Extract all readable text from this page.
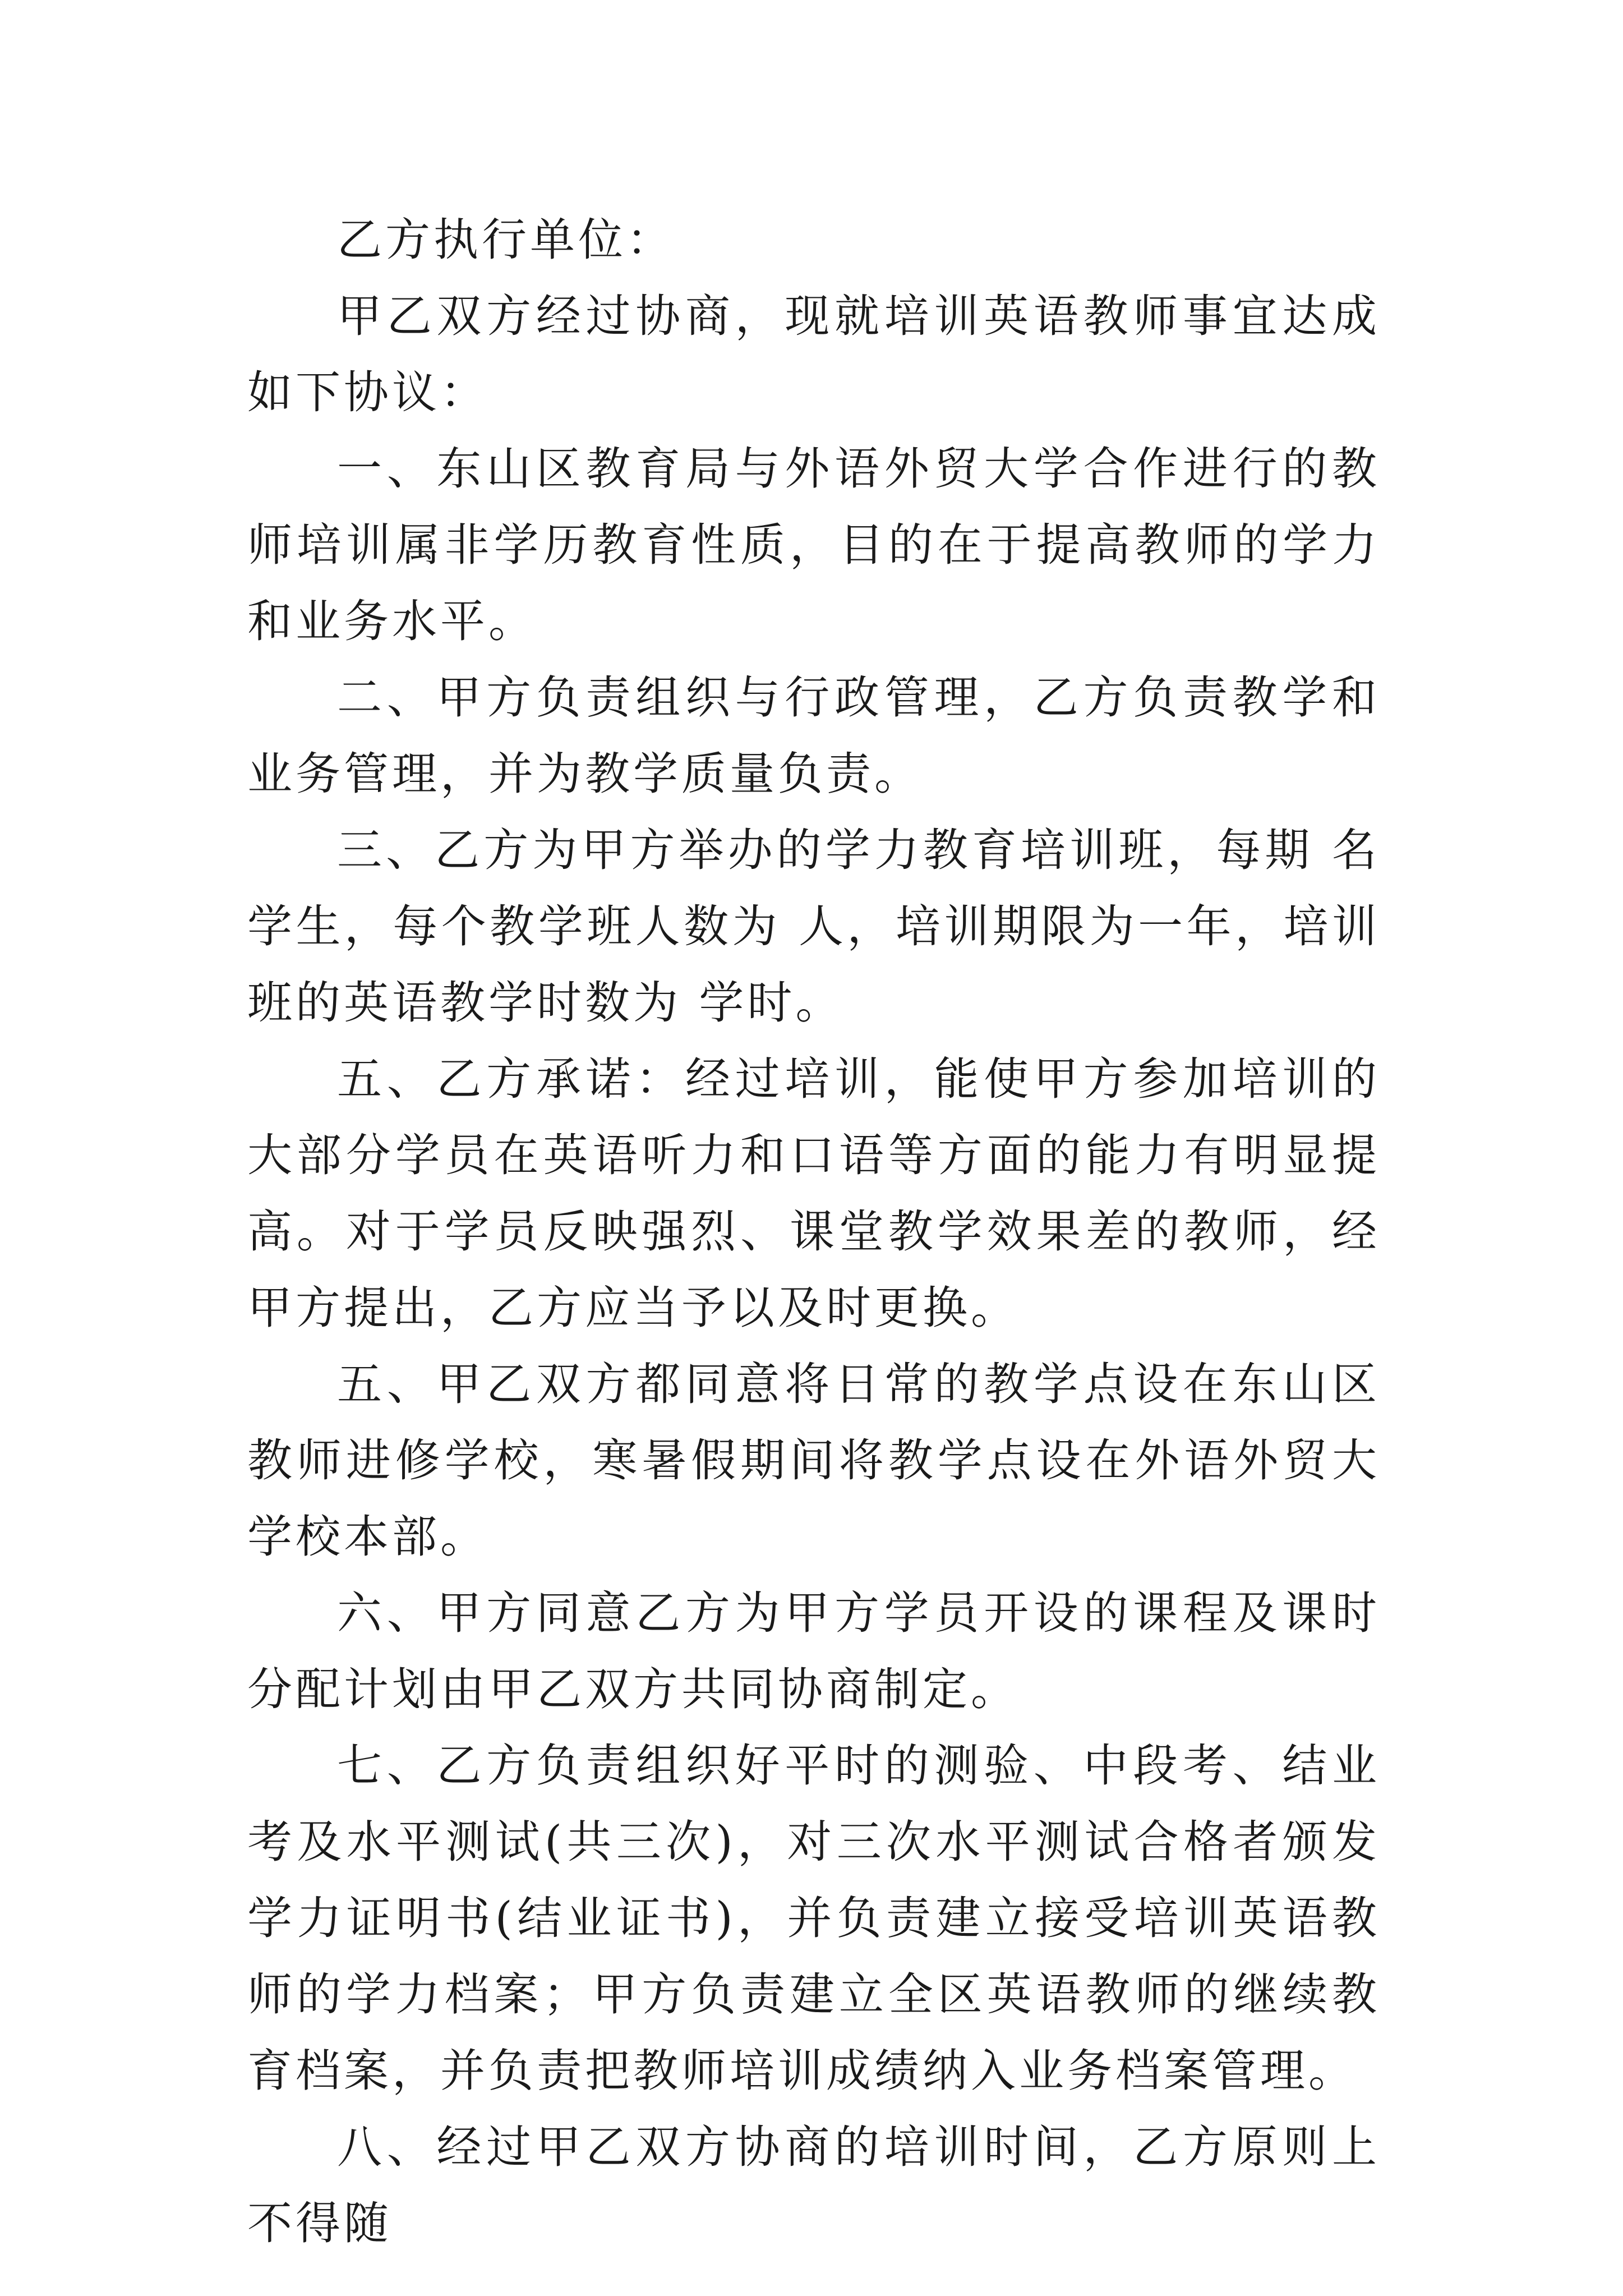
乙方执行单位：

甲乙双方经过协商，现就培训英语教师事宜达成如下协议：

一、东山区教育局与外语外贸大学合作进行的教师培训属非学历教育性质，目的在于提高教师的学力和业务水平。

二、甲方负责组织与行政管理，乙方负责教学和业务管理，并为教学质量负责。

三、乙方为甲方举办的学力教育培训班，每期 名学生，每个教学班人数为 人，培训期限为一年，培训班的英语教学时数为 学时。

五、乙方承诺：经过培训，能使甲方参加培训的大部分学员在英语听力和口语等方面的能力有明显提高。对于学员反映强烈、课堂教学效果差的教师，经甲方提出，乙方应当予以及时更换。

五、甲乙双方都同意将日常的教学点设在东山区教师进修学校，寒暑假期间将教学点设在外语外贸大学校本部。

六、甲方同意乙方为甲方学员开设的课程及课时分配计划由甲乙双方共同协商制定。

七、乙方负责组织好平时的测验、中段考、结业考及水平测试(共三次)，对三次水平测试合格者颁发学力证明书(结业证书)，并负责建立接受培训英语教师的学力档案；甲方负责建立全区英语教师的继续教育档案，并负责把教师培训成绩纳入业务档案管理。

八、经过甲乙双方协商的培训时间，乙方原则上不得随
